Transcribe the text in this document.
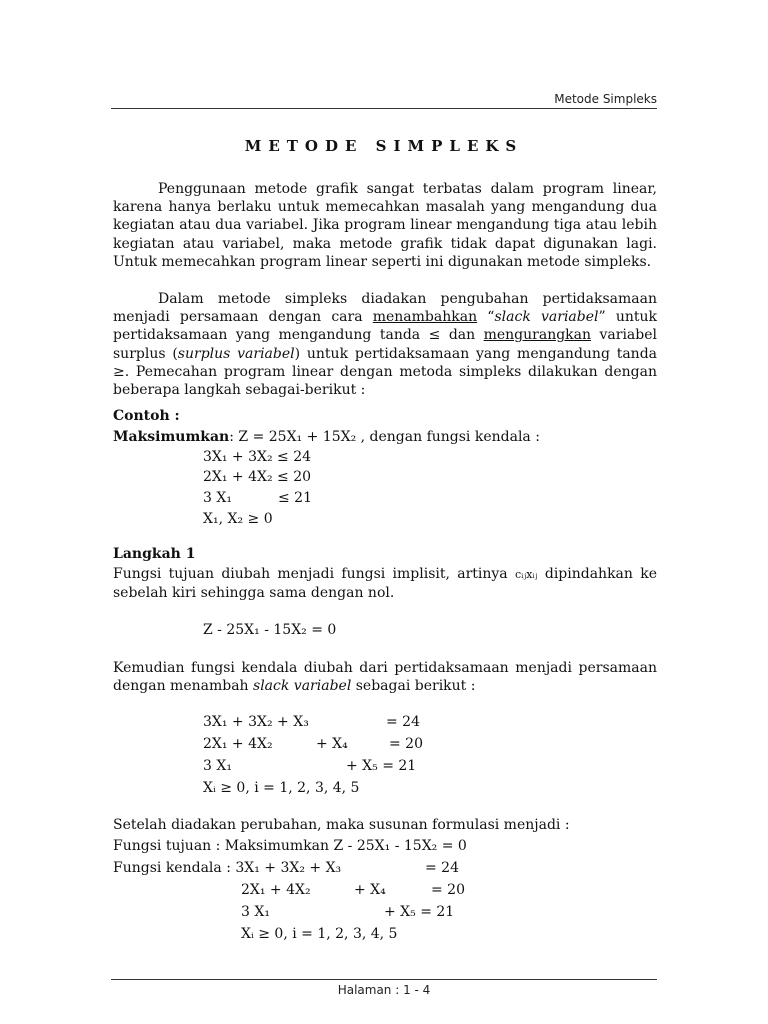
Metode Simpleks
METODE SIMPLEKS
Penggunaan metode grafik sangat terbatas dalam program linear, karena hanya berlaku untuk memecahkan masalah yang mengandung dua kegiatan atau dua variabel. Jika program linear mengandung tiga atau lebih kegiatan atau variabel, maka metode grafik tidak dapat digunakan lagi. Untuk memecahkan program linear seperti ini digunakan metode simpleks.
Dalam metode simpleks diadakan pengubahan pertidaksamaan menjadi persamaan dengan cara menambahkan “slack variabel” untuk pertidaksamaan yang mengandung tanda ≤ dan mengurangkan variabel surplus (surplus variabel) untuk pertidaksamaan yang mengandung tanda ≥. Pemecahan program linear dengan metoda simpleks dilakukan dengan beberapa langkah sebagai-berikut :
Contoh :
Maksimumkan: Z = 25X₁ + 15X₂ , dengan fungsi kendala :
3X₁ + 3X₂ ≤ 24
2X₁ + 4X₂ ≤ 20
3 X₁	≤ 21
X₁, X₂ ≥ 0
Langkah 1
Fungsi tujuan diubah menjadi fungsi implisit, artinya cᵢⱼxᵢⱼ dipindahkan ke sebelah kiri sehingga sama dengan nol.
Z - 25X₁ - 15X₂ = 0
Kemudian fungsi kendala diubah dari pertidaksamaan menjadi persamaan dengan menambah slack variabel sebagai berikut :
3X₁ + 3X₂ + X₃	= 24
2X₁ + 4X₂	+ X₄	= 20
3 X₁	+ X₅ = 21
Xᵢ ≥ 0, i = 1, 2, 3, 4, 5
Setelah diadakan perubahan, maka susunan formulasi menjadi :
Fungsi tujuan : Maksimumkan Z - 25X₁ - 15X₂ = 0
Fungsi kendala : 3X₁ + 3X₂ + X₃	= 24
2X₁ + 4X₂	+ X₄	= 20
3 X₁	+ X₅ = 21
Xᵢ ≥ 0, i = 1, 2, 3, 4, 5
Halaman : 1 - 4
